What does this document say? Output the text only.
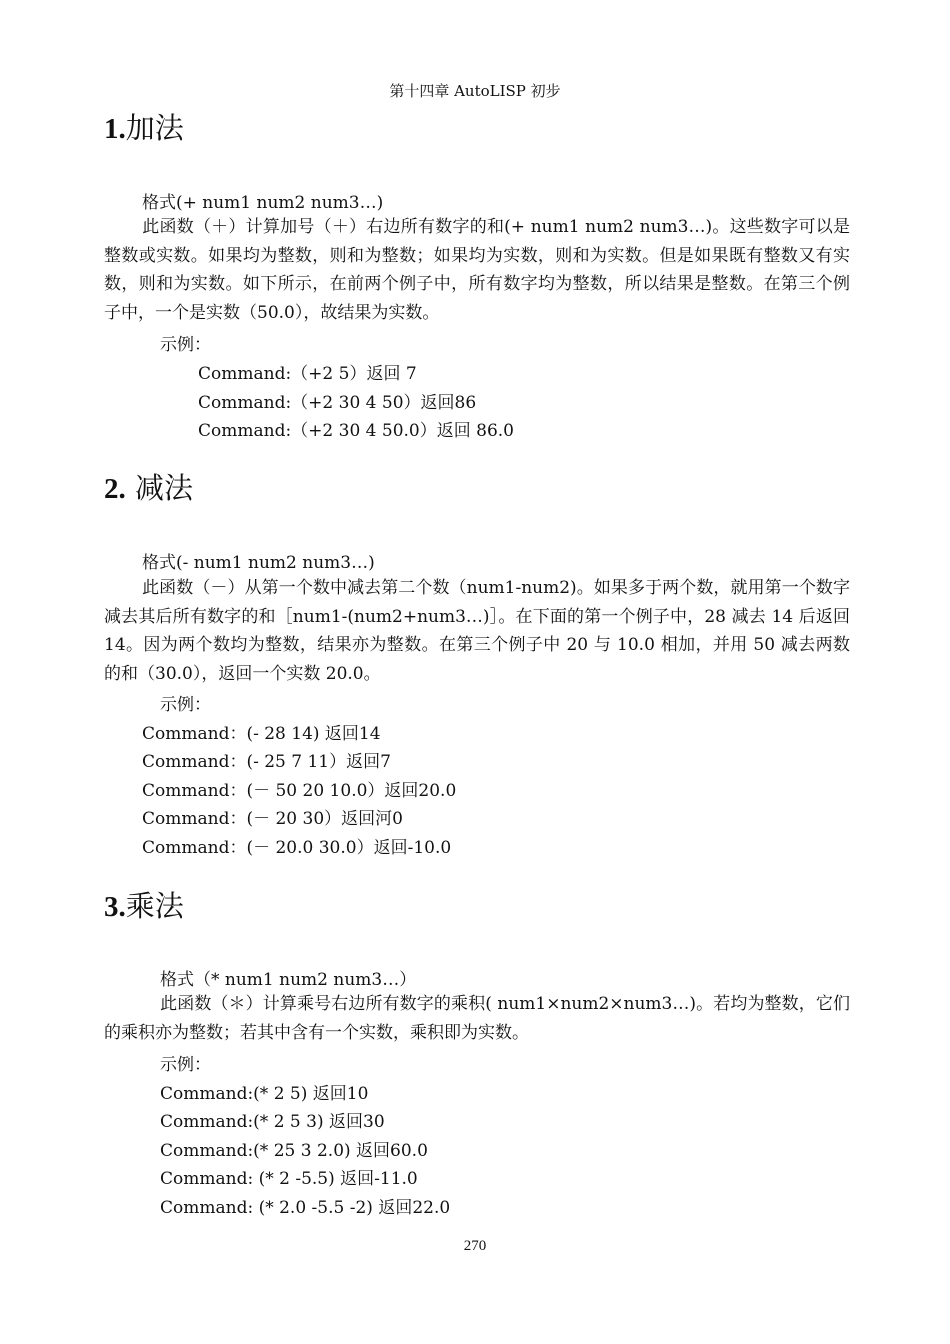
第十四章 AutoLISP 初步
1.加法
格式(+ num1 num2 num3…)
此函数（＋）计算加号（＋）右边所有数字的和(+ num1 num2 num3…)。这些数字可以是整数或实数。如果均为整数，则和为整数；如果均为实数，则和为实数。但是如果既有整数又有实数，则和为实数。如下所示，在前两个例子中，所有数字均为整数，所以结果是整数。在第三个例子中，一个是实数（50.0），故结果为实数。
示例：
Command:（+2 5）返回 7
Command:（+2 30 4 50）返回86
Command:（+2 30 4 50.0）返回 86.0
2. 减法
格式(- num1 num2 num3…)
此函数（－）从第一个数中减去第二个数（num1-num2)。如果多于两个数，就用第一个数字减去其后所有数字的和［num1-(num2+num3…)］。在下面的第一个例子中，28 减去 14 后返回 14。因为两个数均为整数，结果亦为整数。在第三个例子中 20 与 10.0 相加，并用 50 减去两数的和（30.0），返回一个实数 20.0。
示例：
Command：(- 28 14) 返回14
Command：(- 25 7 11）返回7
Command：(－ 50 20 10.0）返回20.0
Command：(－ 20 30）返回河0
Command：(－ 20.0 30.0）返回-10.0
3.乘法
格式（* num1 num2 num3…）
此函数（＊）计算乘号右边所有数字的乘积( num1×num2×num3…)。若均为整数，它们的乘积亦为整数；若其中含有一个实数，乘积即为实数。
示例：
Command:(* 2 5) 返回10
Command:(* 2 5 3) 返回30
Command:(* 25 3 2.0) 返回60.0
Command: (* 2 -5.5) 返回-11.0
Command: (* 2.0 -5.5 -2) 返回22.0
270
